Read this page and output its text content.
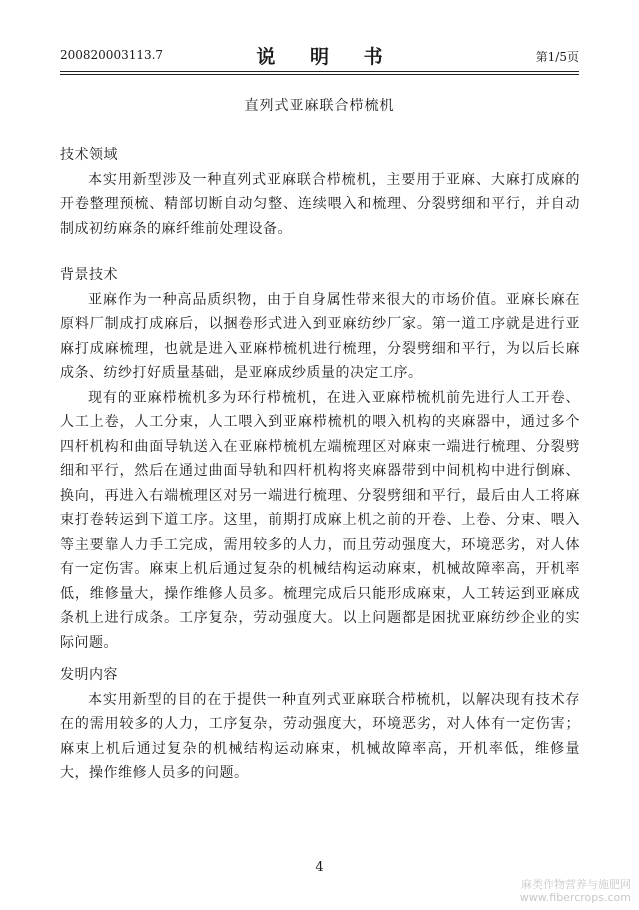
200820003113.7	说 明 书	第1/5页
直列式亚麻联合栉梳机

技术领域

本实用新型涉及一种直列式亚麻联合栉梳机，主要用于亚麻、大麻打成麻的开卷整理预梳、精部切断自动匀整、连续喂入和梳理、分裂劈细和平行，并自动制成初纺麻条的麻纤维前处理设备。

背景技术

亚麻作为一种高品质织物，由于自身属性带来很大的市场价值。亚麻长麻在原料厂制成打成麻后，以捆卷形式进入到亚麻纺纱厂家。第一道工序就是进行亚麻打成麻梳理，也就是进入亚麻栉梳机进行梳理，分裂劈细和平行，为以后长麻成条、纺纱打好质量基础，是亚麻成纱质量的决定工序。

现有的亚麻栉梳机多为环行栉梳机，在进入亚麻栉梳机前先进行人工开卷、人工上卷，人工分束，人工喂入到亚麻栉梳机的喂入机构的夹麻器中，通过多个四杆机构和曲面导轨送入在亚麻栉梳机左端梳理区对麻束一端进行梳理、分裂劈细和平行，然后在通过曲面导轨和四杆机构将夹麻器带到中间机构中进行倒麻、换向，再进入右端梳理区对另一端进行梳理、分裂劈细和平行，最后由人工将麻束打卷转运到下道工序。这里，前期打成麻上机之前的开卷、上卷、分束、喂入等主要靠人力手工完成，需用较多的人力，而且劳动强度大，环境恶劣，对人体有一定伤害。麻束上机后通过复杂的机械结构运动麻束，机械故障率高，开机率低，维修量大，操作维修人员多。梳理完成后只能形成麻束，人工转运到亚麻成条机上进行成条。工序复杂，劳动强度大。以上问题都是困扰亚麻纺纱企业的实际问题。

发明内容

本实用新型的目的在于提供一种直列式亚麻联合栉梳机，以解决现有技术存在的需用较多的人力，工序复杂，劳动强度大，环境恶劣，对人体有一定伤害；麻束上机后通过复杂的机械结构运动麻束，机械故障率高，开机率低，维修量大，操作维修人员多的问题。

4
麻类作物营养与施肥网
www.fibercrops.com
